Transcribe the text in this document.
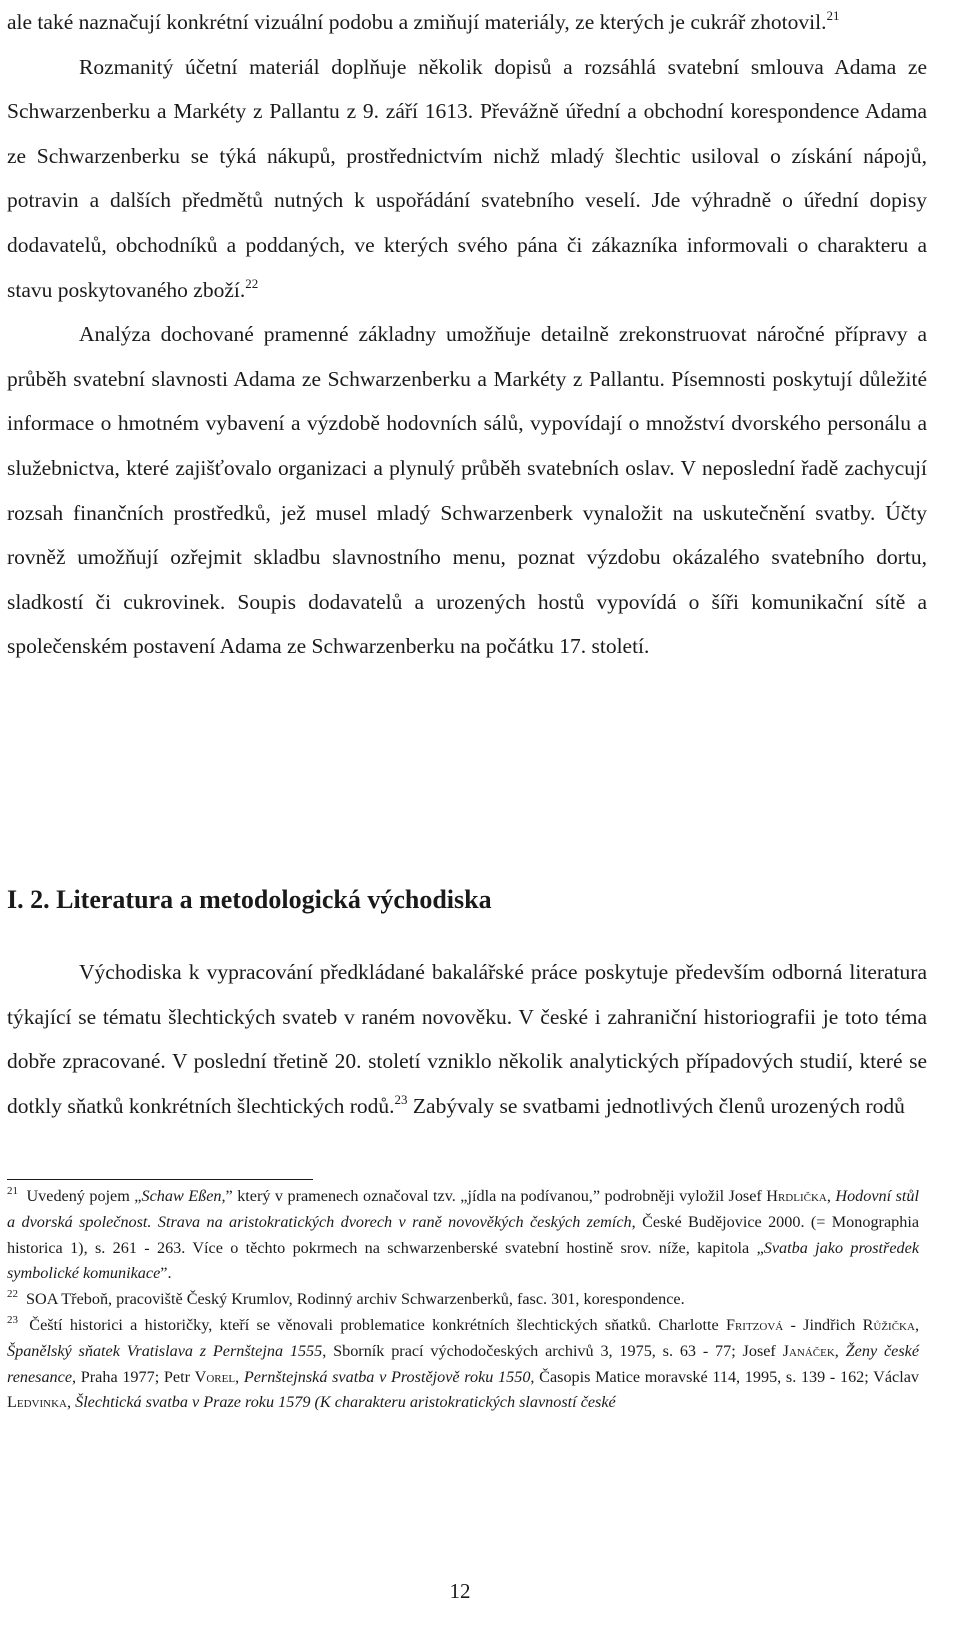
ale také naznačují konkrétní vizuální podobu a zmiňují materiály, ze kterých je cukrář zhotovil.$^{21}$

Rozmanitý účetní materiál doplňuje několik dopisů a rozsáhlá svatební smlouva Adama ze Schwarzenberku a Markéty z Pallantu z 9. září 1613. Převážně úřední a obchodní korespondence Adama ze Schwarzenberku se týká nákupů, prostřednictvím nichž mladý šlechtic usiloval o získání nápojů, potravin a dalších předmětů nutných k uspořádání svatebního veselí. Jde výhradně o úřední dopisy dodavatelů, obchodníků a poddaných, ve kterých svého pána či zákazníka informovali o charakteru a stavu poskytovaného zboží.$^{22}$

Analýza dochované pramenné základny umožňuje detailně zrekonstruovat náročné přípravy a průběh svatební slavnosti Adama ze Schwarzenberku a Markéty z Pallantu. Písemnosti poskytují důležité informace o hmotném vybavení a výzdobě hodovních sálů, vypovídají o množství dvorského personálu a služebnictva, které zajišťovalo organizaci a plynulý průběh svatebních oslav. V neposlední řadě zachycují rozsah finančních prostředků, jež musel mladý Schwarzenberk vynaložit na uskutečnění svatby. Účty rovněž umožňují ozřejmit skladbu slavnostního menu, poznat výzdobu okázalého svatebního dortu, sladkostí či cukrovinek. Soupis dodavatelů a urozených hostů vypovídá o šíři komunikační sítě a společenském postavení Adama ze Schwarzenberku na počátku 17. století.

I. 2. Literatura a metodologická východiska

Východiska k vypracování předkládané bakalářské práce poskytuje především odborná literatura týkající se tématu šlechtických svateb v raném novověku. V české i zahraniční historiografii je toto téma dobře zpracované. V poslední třetině 20. století vzniklo několik analytických případových studií, které se dotkly sňatků konkrétních šlechtických rodů.$^{23}$ Zabývaly se svatbami jednotlivých členů urozených rodů

$^{21}$ Uvedený pojem „Schaw Eßen,” který v pramenech označoval tzv. „jídla na podívanou,” podrobněji vyložil Josef Hrdlička, Hodovní stůl a dvorská společnost. Strava na aristokratických dvorech v raně novověkých českých zemích, České Budějovice 2000. (= Monographia historica 1), s. 261 - 263. Více o těchto pokrmech na schwarzenberské svatební hostině srov. níže, kapitola „Svatba jako prostředek symbolické komunikace”.

$^{22}$ SOA Třeboň, pracoviště Český Krumlov, Rodinný archiv Schwarzenberků, fasc. 301, korespondence.

$^{23}$ Čeští historici a historičky, kteří se věnovali problematice konkrétních šlechtických sňatků. Charlotte Fritzová - Jindřich Růžička, Španělský sňatek Vratislava z Pernštejna 1555, Sborník prací východočeských archivů 3, 1975, s. 63 - 77; Josef Janáček, Ženy české renesance, Praha 1977; Petr Vorel, Pernštejnská svatba v Prostějově roku 1550, Časopis Matice moravské 114, 1995, s. 139 - 162; Václav Ledvinka, Šlechtická svatba v Praze roku 1579 (K charakteru aristokratických slavností české

12
